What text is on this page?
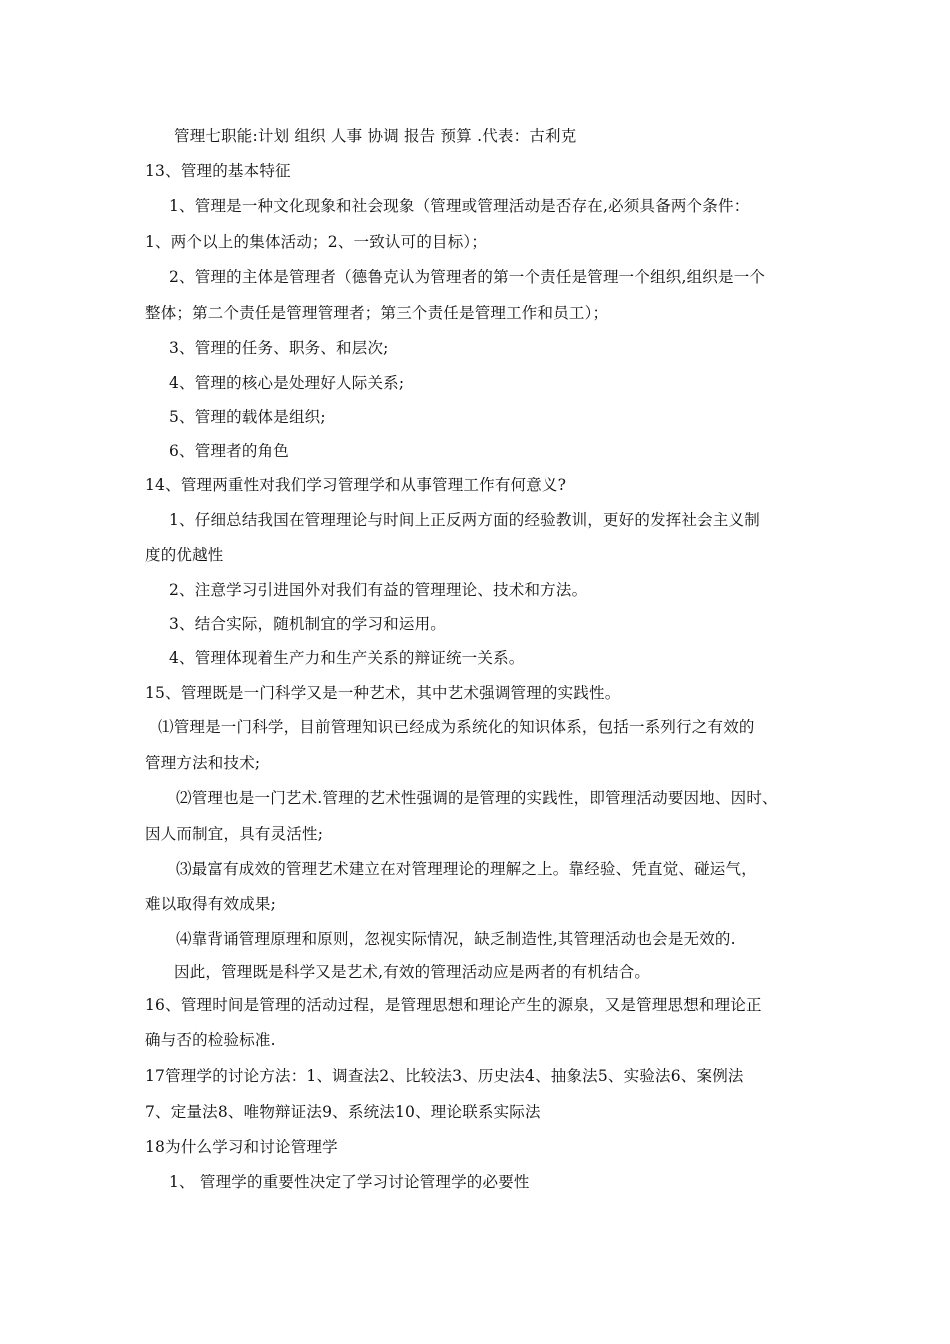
管理七职能:计划 组织 人事 协调 报告 预算 .代表：古利克
13、管理的基本特征
1、管理是一种文化现象和社会现象（管理或管理活动是否存在,必须具备两个条件：
1、两个以上的集体活动；2、一致认可的目标）；
2、管理的主体是管理者（德鲁克认为管理者的第一个责任是管理一个组织,组织是一个
整体；第二个责任是管理管理者；第三个责任是管理工作和员工）；
3、管理的任务、职务、和层次;
4、管理的核心是处理好人际关系;
5、管理的载体是组织;
6、管理者的角色
14、管理两重性对我们学习管理学和从事管理工作有何意义?
1、仔细总结我国在管理理论与时间上正反两方面的经验教训，更好的发挥社会主义制
度的优越性
2、注意学习引进国外对我们有益的管理理论、技术和方法。
3、结合实际，随机制宜的学习和运用。
4、管理体现着生产力和生产关系的辩证统一关系。
15、管理既是一门科学又是一种艺术，其中艺术强调管理的实践性。
⑴管理是一门科学，目前管理知识已经成为系统化的知识体系，包括一系列行之有效的
管理方法和技术;
⑵管理也是一门艺术.管理的艺术性强调的是管理的实践性，即管理活动要因地、因时、
因人而制宜，具有灵活性;
⑶最富有成效的管理艺术建立在对管理理论的理解之上。靠经验、凭直觉、碰运气，
难以取得有效成果;
⑷靠背诵管理原理和原则，忽视实际情况，缺乏制造性,其管理活动也会是无效的.
因此，管理既是科学又是艺术,有效的管理活动应是两者的有机结合。
16、管理时间是管理的活动过程，是管理思想和理论产生的源泉，又是管理思想和理论正
确与否的检验标准.
17管理学的讨论方法：1、调查法2、比较法3、历史法4、抽象法5、实验法6、案例法
7、定量法8、唯物辩证法9、系统法10、理论联系实际法
18为什么学习和讨论管理学
1、 管理学的重要性决定了学习讨论管理学的必要性
